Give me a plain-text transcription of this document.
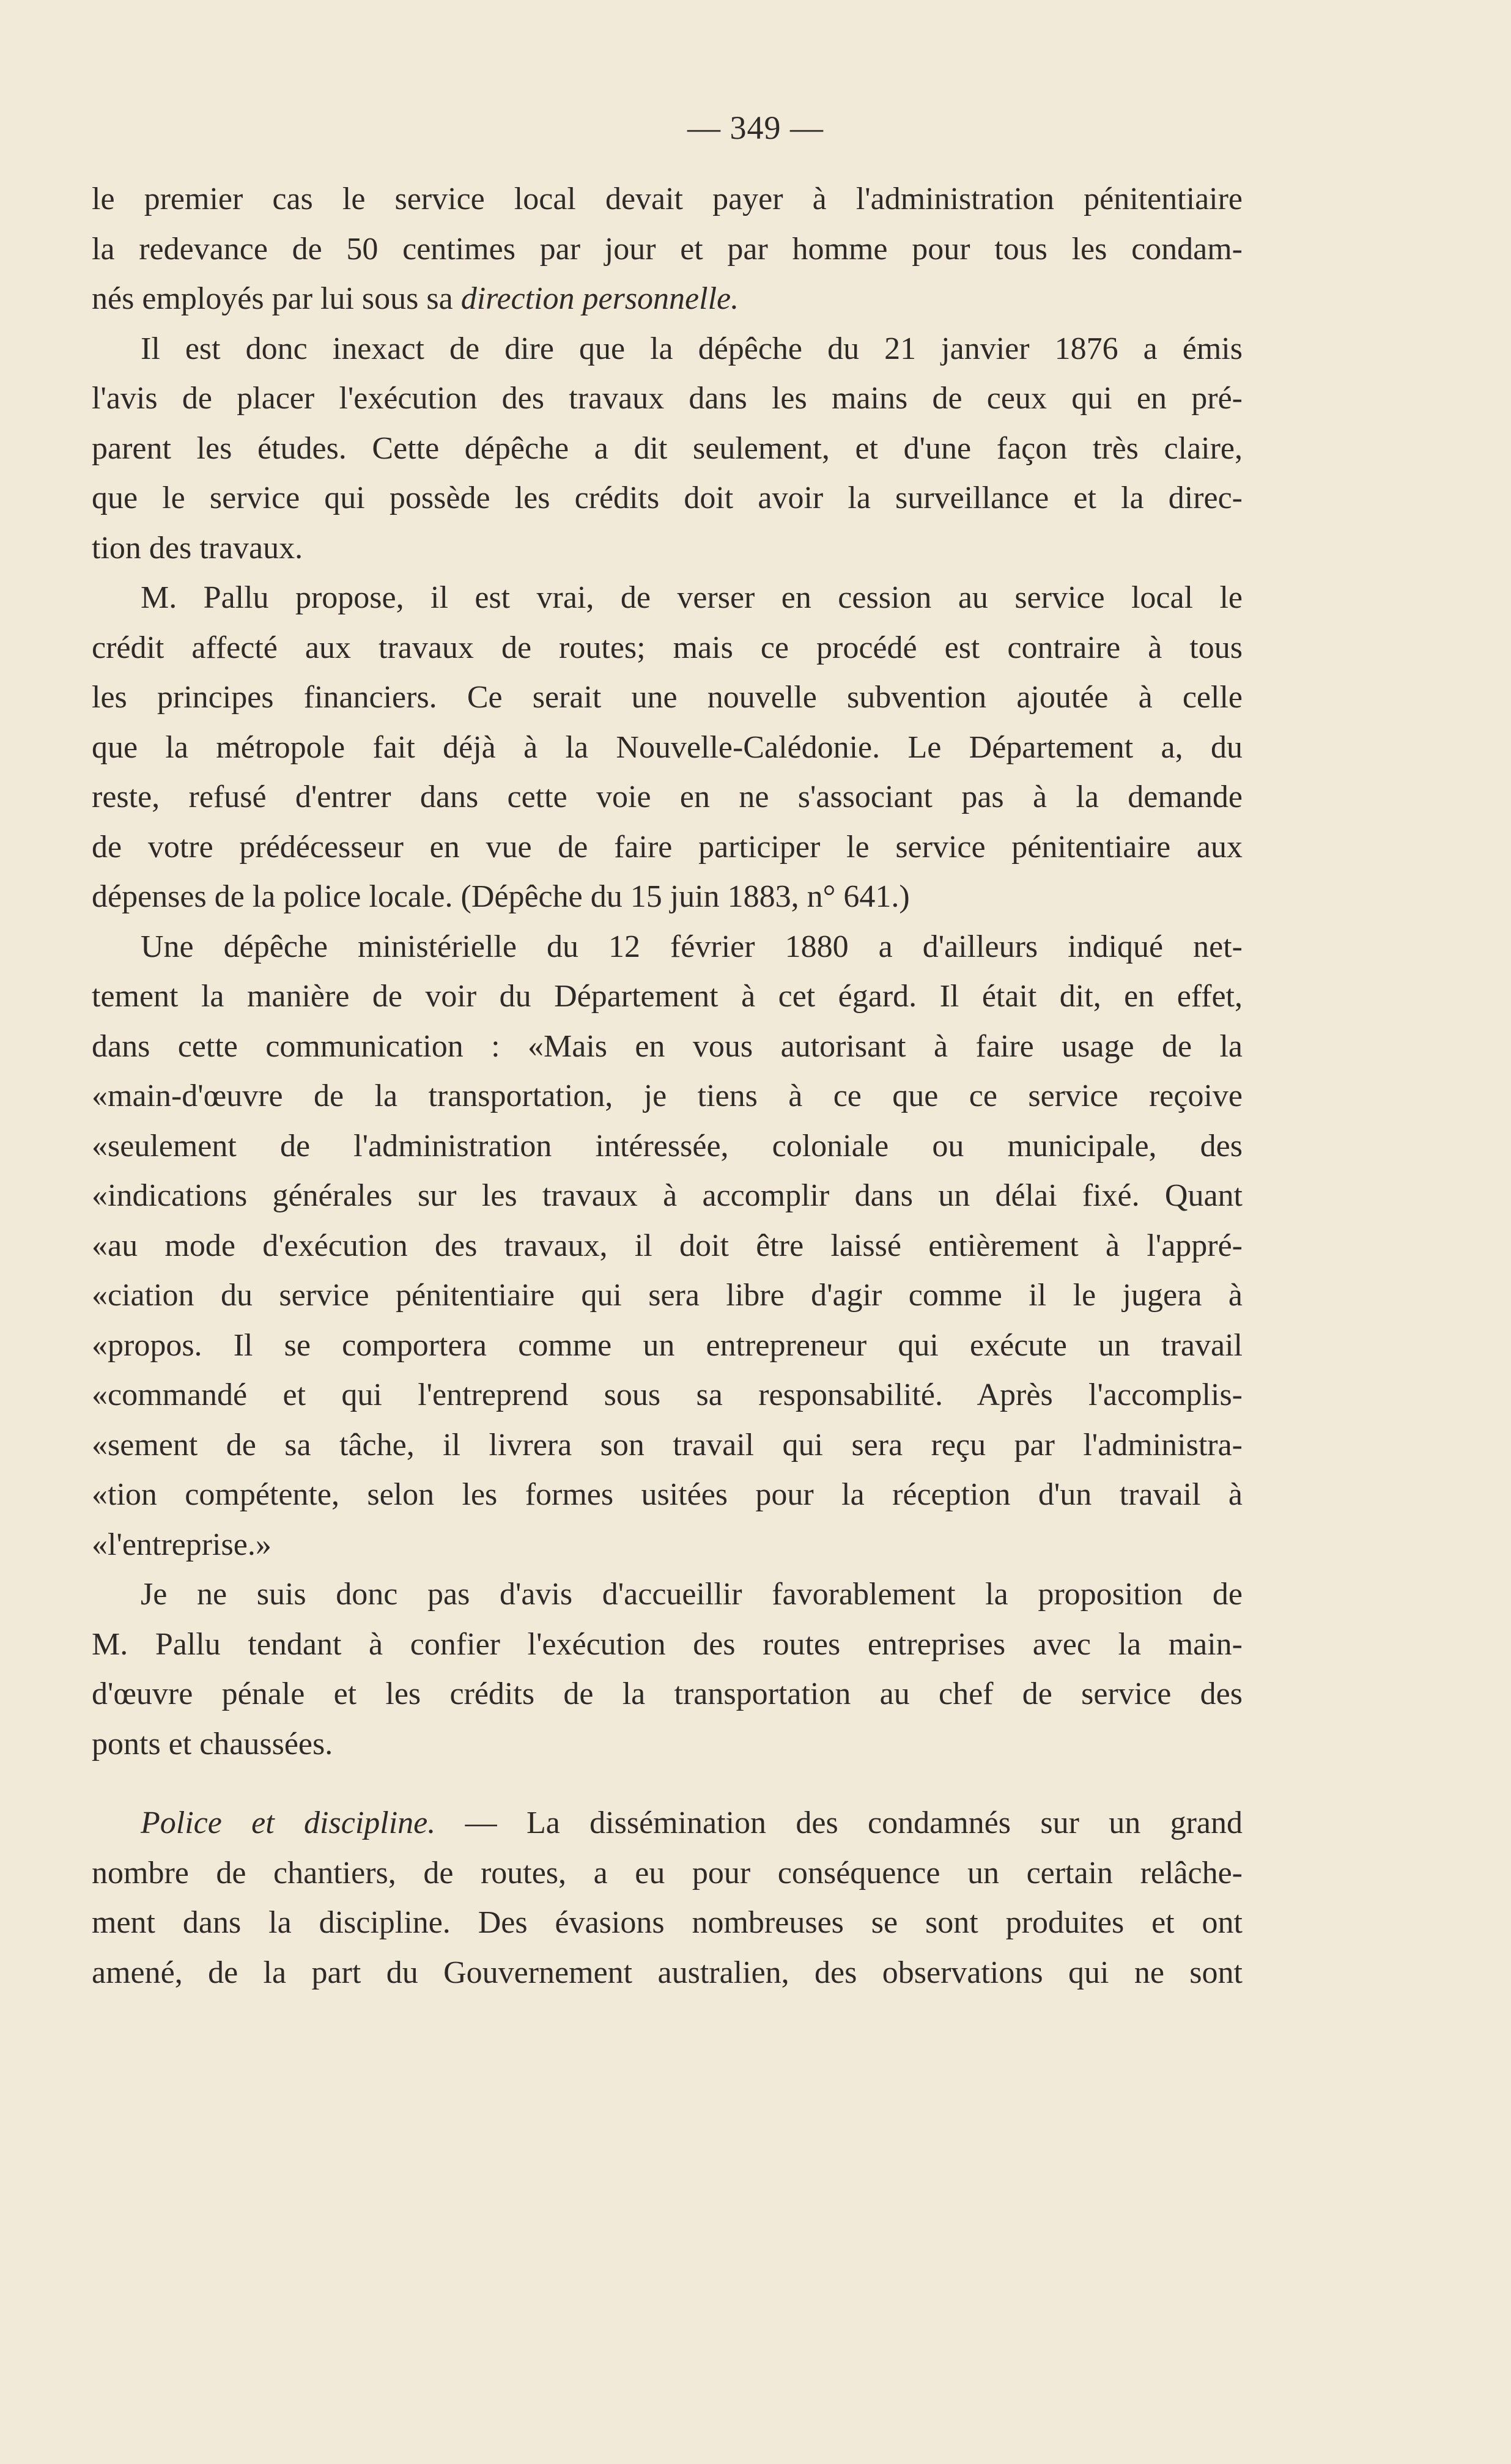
— 349 —
le premier cas le service local devait payer à l'administration pénitentiaire
la redevance de 50 centimes par jour et par homme pour tous les condam-
nés employés par lui sous sa direction personnelle.
Il est donc inexact de dire que la dépêche du 21 janvier 1876 a émis
l'avis de placer l'exécution des travaux dans les mains de ceux qui en pré-
parent les études. Cette dépêche a dit seulement, et d'une façon très claire,
que le service qui possède les crédits doit avoir la surveillance et la direc-
tion des travaux.
M. Pallu propose, il est vrai, de verser en cession au service local le
crédit affecté aux travaux de routes; mais ce procédé est contraire à tous
les principes financiers. Ce serait une nouvelle subvention ajoutée à celle
que la métropole fait déjà à la Nouvelle-Calédonie. Le Département a, du
reste, refusé d'entrer dans cette voie en ne s'associant pas à la demande
de votre prédécesseur en vue de faire participer le service pénitentiaire aux
dépenses de la police locale. (Dépêche du 15 juin 1883, n° 641.)
Une dépêche ministérielle du 12 février 1880 a d'ailleurs indiqué net-
tement la manière de voir du Département à cet égard. Il était dit, en effet,
dans cette communication : «Mais en vous autorisant à faire usage de la
«main-d'œuvre de la transportation, je tiens à ce que ce service reçoive
«seulement de l'administration intéressée, coloniale ou municipale, des
«indications générales sur les travaux à accomplir dans un délai fixé. Quant
«au mode d'exécution des travaux, il doit être laissé entièrement à l'appré-
«ciation du service pénitentiaire qui sera libre d'agir comme il le jugera à
«propos. Il se comportera comme un entrepreneur qui exécute un travail
«commandé et qui l'entreprend sous sa responsabilité. Après l'accomplis-
«sement de sa tâche, il livrera son travail qui sera reçu par l'administra-
«tion compétente, selon les formes usitées pour la réception d'un travail à
«l'entreprise.»
Je ne suis donc pas d'avis d'accueillir favorablement la proposition de
M. Pallu tendant à confier l'exécution des routes entreprises avec la main-
d'œuvre pénale et les crédits de la transportation au chef de service des
ponts et chaussées.
Police et discipline. — La dissémination des condamnés sur un grand
nombre de chantiers, de routes, a eu pour conséquence un certain relâche-
ment dans la discipline. Des évasions nombreuses se sont produites et ont
amené, de la part du Gouvernement australien, des observations qui ne sont
